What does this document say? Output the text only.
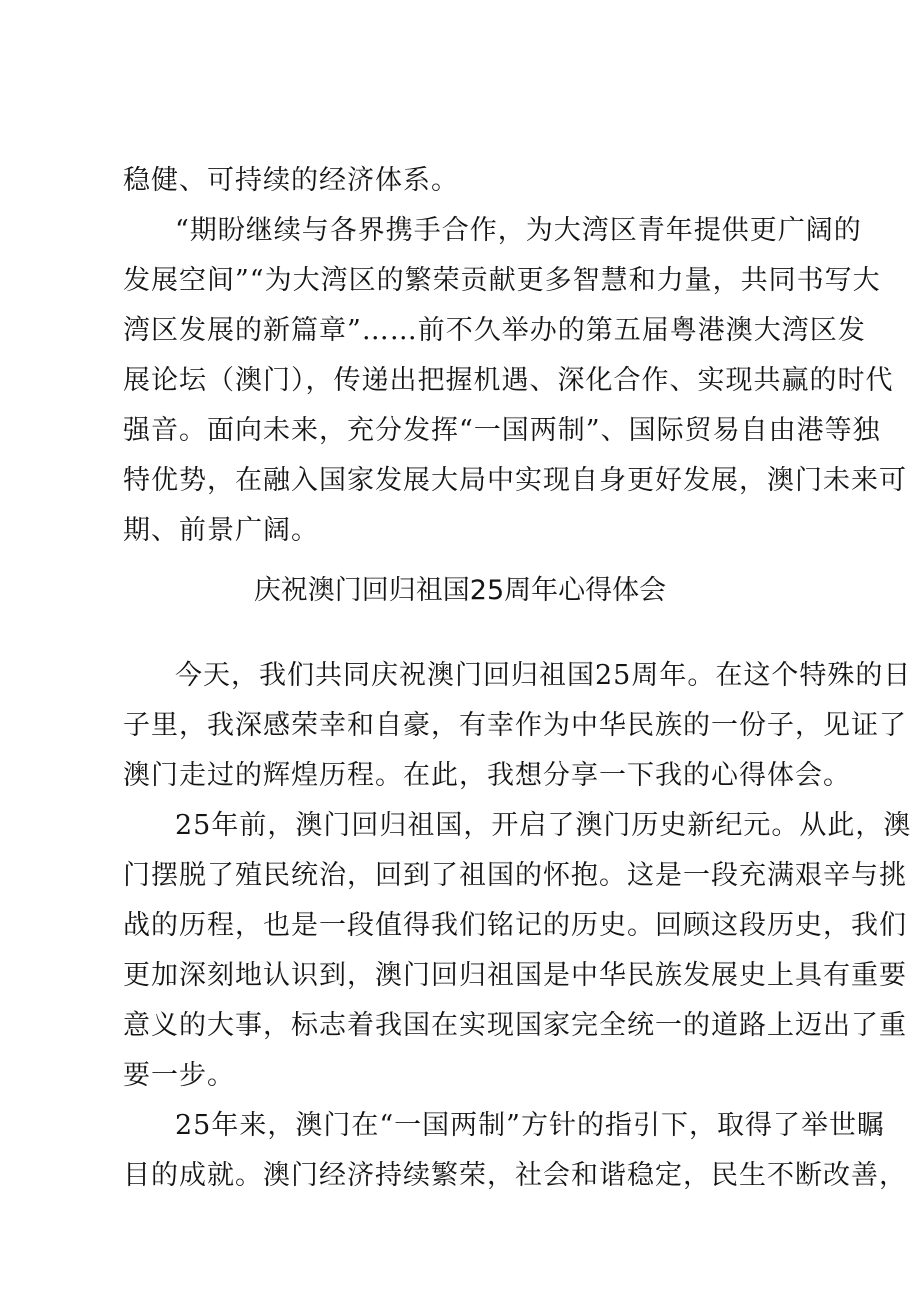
稳健、可持续的经济体系。
“期盼继续与各界携手合作，为大湾区青年提供更广阔的
发展空间”“为大湾区的繁荣贡献更多智慧和力量，共同书写大
湾区发展的新篇章”……前不久举办的第五届粤港澳大湾区发
展论坛（澳门），传递出把握机遇、深化合作、实现共赢的时代
强音。面向未来，充分发挥“一国两制”、国际贸易自由港等独
特优势，在融入国家发展大局中实现自身更好发展，澳门未来可
期、前景广阔。
庆祝澳门回归祖国25周年心得体会
今天，我们共同庆祝澳门回归祖国25周年。在这个特殊的日
子里，我深感荣幸和自豪，有幸作为中华民族的一份子，见证了
澳门走过的辉煌历程。在此，我想分享一下我的心得体会。
25年前，澳门回归祖国，开启了澳门历史新纪元。从此，澳
门摆脱了殖民统治，回到了祖国的怀抱。这是一段充满艰辛与挑
战的历程，也是一段值得我们铭记的历史。回顾这段历史，我们
更加深刻地认识到，澳门回归祖国是中华民族发展史上具有重要
意义的大事，标志着我国在实现国家完全统一的道路上迈出了重
要一步。
25年来，澳门在“一国两制”方针的指引下，取得了举世瞩
目的成就。澳门经济持续繁荣，社会和谐稳定，民生不断改善，
